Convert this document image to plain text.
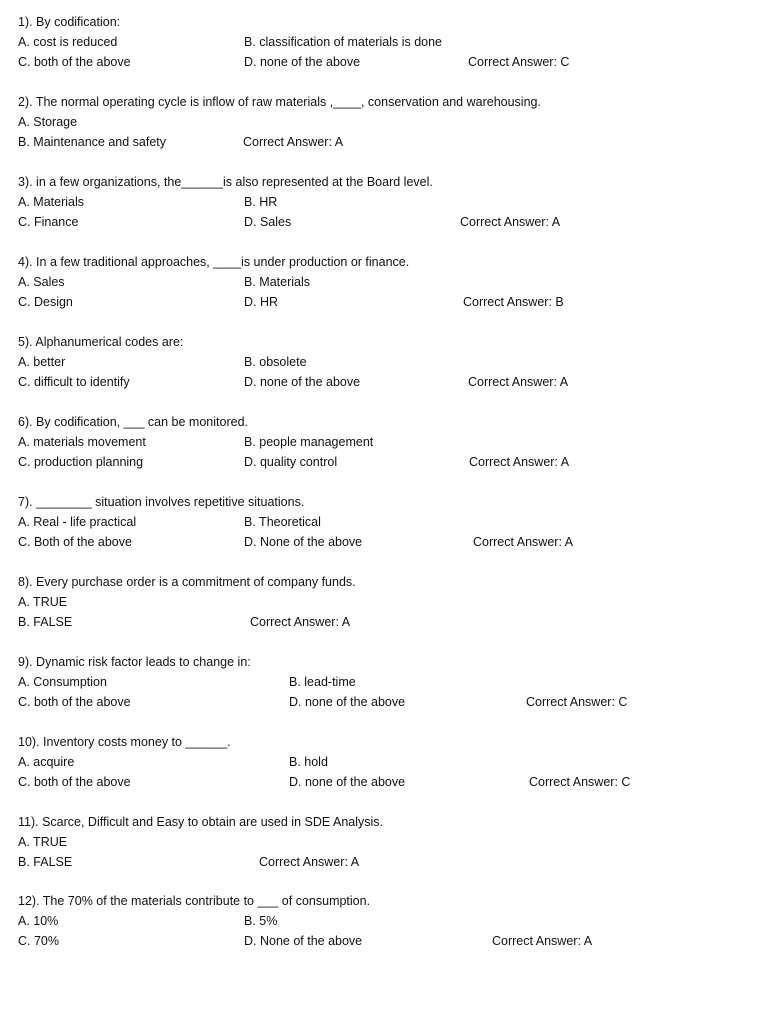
1). By codification:
A. cost is reduced	B. classification of materials is done
C. both of the above	D. none of the above	Correct Answer: C
2). The normal operating cycle is inflow of raw materials ,____, conservation and warehousing.
A. Storage
B. Maintenance and safety	Correct Answer: A
3). in a few organizations, the______is also represented at the Board level.
A. Materials	B. HR
C. Finance	D. Sales	Correct Answer: A
4). In a few traditional approaches, ____is under production or finance.
A. Sales	B. Materials
C. Design	D. HR	Correct Answer: B
5). Alphanumerical codes are:
A. better	B. obsolete
C. difficult to identify	D. none of the above	Correct Answer: A
6). By codification, ___ can be monitored.
A. materials movement	B. people management
C. production planning	D. quality control	Correct Answer: A
7). ________ situation involves repetitive situations.
A. Real - life practical	B. Theoretical
C. Both of the above	D. None of the above	Correct Answer: A
8). Every purchase order is a commitment of company funds.
A. TRUE
B. FALSE	Correct Answer: A
9). Dynamic risk factor leads to change in:
A. Consumption	B. lead-time
C. both of the above	D. none of the above	Correct Answer: C
10). Inventory costs money to ______.
A. acquire	B. hold
C. both of the above	D. none of the above	Correct Answer: C
11). Scarce, Difficult and Easy to obtain are used in SDE Analysis.
A. TRUE
B. FALSE	Correct Answer: A
12). The 70% of the materials contribute to ___ of consumption.
A. 10%	B. 5%
C. 70%	D. None of the above	Correct Answer: A
